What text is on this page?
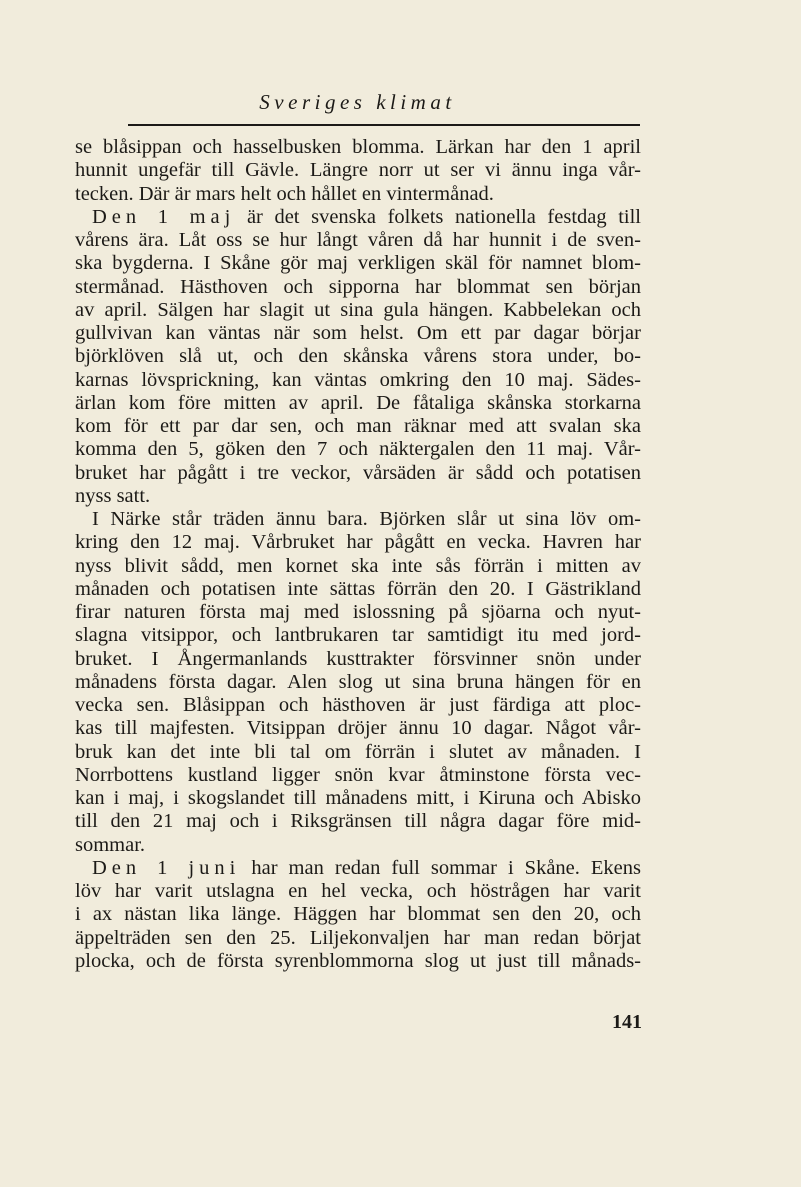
Sveriges klimat
se blåsippan och hasselbusken blomma. Lärkan har den 1 april
hunnit ungefär till Gävle. Längre norr ut ser vi ännu inga vår-
tecken. Där är mars helt och hållet en vintermånad.
Den 1 maj är det svenska folkets nationella festdag till
vårens ära. Låt oss se hur långt våren då har hunnit i de sven-
ska bygderna. I Skåne gör maj verkligen skäl för namnet blom-
stermånad. Hästhoven och sipporna har blommat sen början
av april. Sälgen har slagit ut sina gula hängen. Kabbelekan och
gullvivan kan väntas när som helst. Om ett par dagar börjar
björklöven slå ut, och den skånska vårens stora under, bo-
karnas lövsprickning, kan väntas omkring den 10 maj. Sädes-
ärlan kom före mitten av april. De fåtaliga skånska storkarna
kom för ett par dar sen, och man räknar med att svalan ska
komma den 5, göken den 7 och näktergalen den 11 maj. Vår-
bruket har pågått i tre veckor, vårsäden är sådd och potatisen
nyss satt.
I Närke står träden ännu bara. Björken slår ut sina löv om-
kring den 12 maj. Vårbruket har pågått en vecka. Havren har
nyss blivit sådd, men kornet ska inte sås förrän i mitten av
månaden och potatisen inte sättas förrän den 20. I Gästrikland
firar naturen första maj med islossning på sjöarna och nyut-
slagna vitsippor, och lantbrukaren tar samtidigt itu med jord-
bruket. I Ångermanlands kusttrakter försvinner snön under
månadens första dagar. Alen slog ut sina bruna hängen för en
vecka sen. Blåsippan och hästhoven är just färdiga att ploc-
kas till majfesten. Vitsippan dröjer ännu 10 dagar. Något vår-
bruk kan det inte bli tal om förrän i slutet av månaden. I
Norrbottens kustland ligger snön kvar åtminstone första vec-
kan i maj, i skogslandet till månadens mitt, i Kiruna och Abisko
till den 21 maj och i Riksgränsen till några dagar före mid-
sommar.
Den 1 juni har man redan full sommar i Skåne. Ekens
löv har varit utslagna en hel vecka, och höstrågen har varit
i ax nästan lika länge. Häggen har blommat sen den 20, och
äppelträden sen den 25. Liljekonvaljen har man redan börjat
plocka, och de första syrenblommorna slog ut just till månads-
141
